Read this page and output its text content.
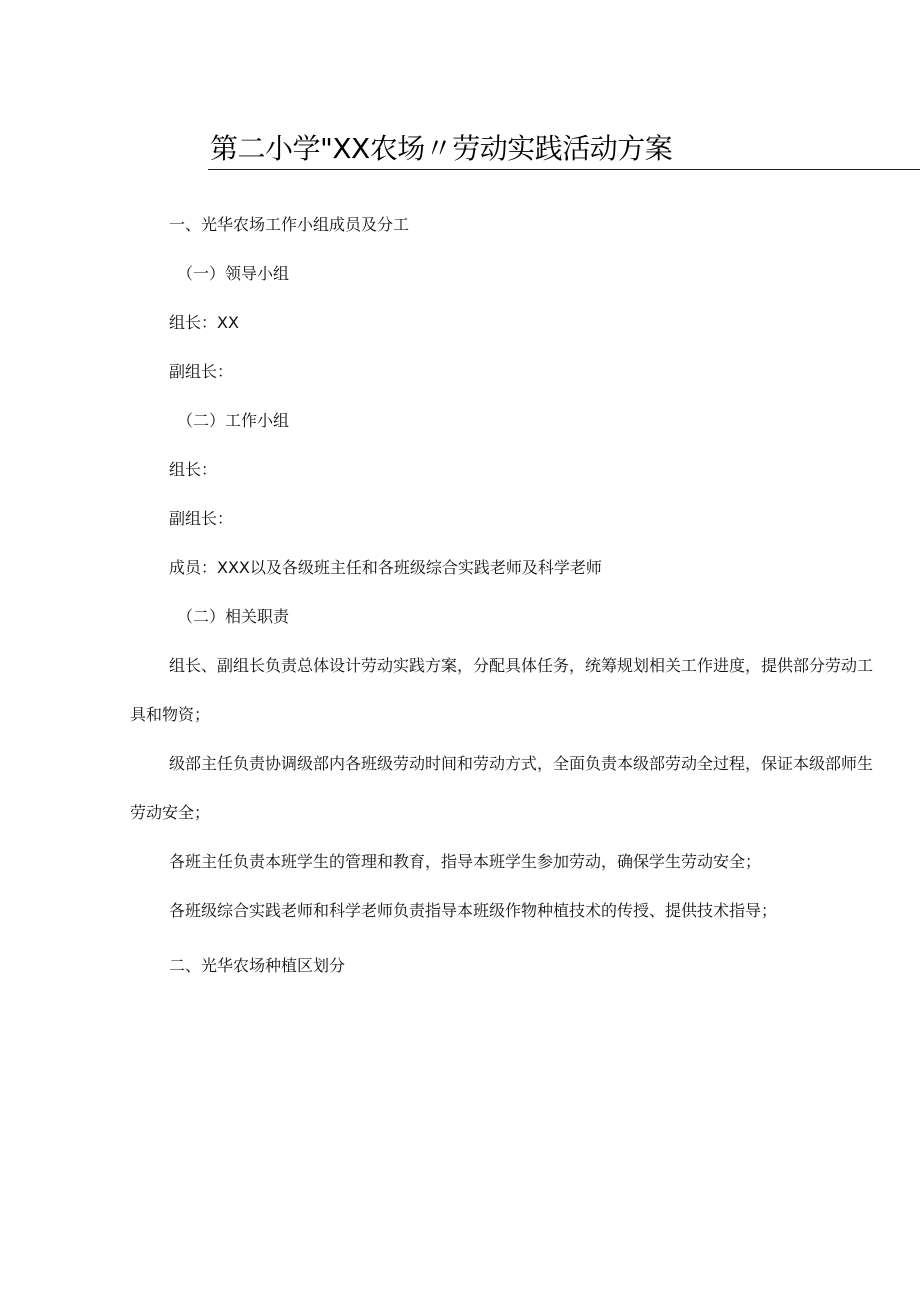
第二小学"XX农场〃劳动实践活动方案
一、光华农场工作小组成员及分工
（一）领导小组
组长：XX
副组长：
（二）工作小组
组长：
副组长：
成员：XXX以及各级班主任和各班级综合实践老师及科学老师
（二）相关职责
组长、副组长负责总体设计劳动实践方案，分配具体任务，统筹规划相关工作进度，提供部分劳动工
具和物资；
级部主任负责协调级部内各班级劳动时间和劳动方式，全面负责本级部劳动全过程，保证本级部师生
劳动安全；
各班主任负责本班学生的管理和教育，指导本班学生参加劳动，确保学生劳动安全；
各班级综合实践老师和科学老师负责指导本班级作物种植技术的传授、提供技术指导；
二、光华农场种植区划分
